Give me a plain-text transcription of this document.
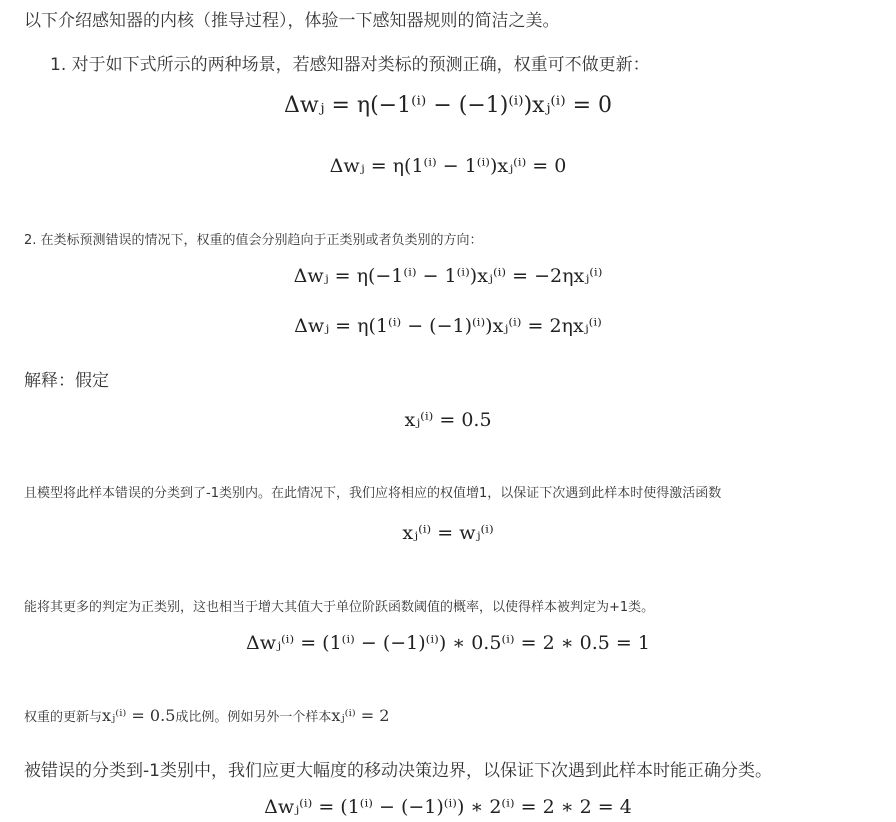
以下介绍感知器的内核（推导过程），体验一下感知器规则的简洁之美。
1. 对于如下式所示的两种场景，若感知器对类标的预测正确，权重可不做更新：
Δwⱼ = η(−1⁽ⁱ⁾ − (−1)⁽ⁱ⁾)xⱼ⁽ⁱ⁾ = 0
Δwⱼ = η(1⁽ⁱ⁾ − 1⁽ⁱ⁾)xⱼ⁽ⁱ⁾ = 0
2. 在类标预测错误的情况下，权重的值会分别趋向于正类别或者负类别的方向：
Δwⱼ = η(−1⁽ⁱ⁾ − 1⁽ⁱ⁾)xⱼ⁽ⁱ⁾ = −2ηxⱼ⁽ⁱ⁾
Δwⱼ = η(1⁽ⁱ⁾ − (−1)⁽ⁱ⁾)xⱼ⁽ⁱ⁾ = 2ηxⱼ⁽ⁱ⁾
解释：假定
xⱼ⁽ⁱ⁾ = 0.5
且模型将此样本错误的分类到了-1类别内。在此情况下，我们应将相应的权值增1，以保证下次遇到此样本时使得激活函数
xⱼ⁽ⁱ⁾ = wⱼ⁽ⁱ⁾
能将其更多的判定为正类别，这也相当于增大其值大于单位阶跃函数阈值的概率，以使得样本被判定为+1类。
Δwⱼ⁽ⁱ⁾ = (1⁽ⁱ⁾ − (−1)⁽ⁱ⁾) ∗ 0.5⁽ⁱ⁾ = 2 ∗ 0.5 = 1
权重的更新与xⱼ⁽ⁱ⁾ = 0.5成比例。例如另外一个样本xⱼ⁽ⁱ⁾ = 2
被错误的分类到-1类别中，我们应更大幅度的移动决策边界，以保证下次遇到此样本时能正确分类。
Δwⱼ⁽ⁱ⁾ = (1⁽ⁱ⁾ − (−1)⁽ⁱ⁾) ∗ 2⁽ⁱ⁾ = 2 ∗ 2 = 4
